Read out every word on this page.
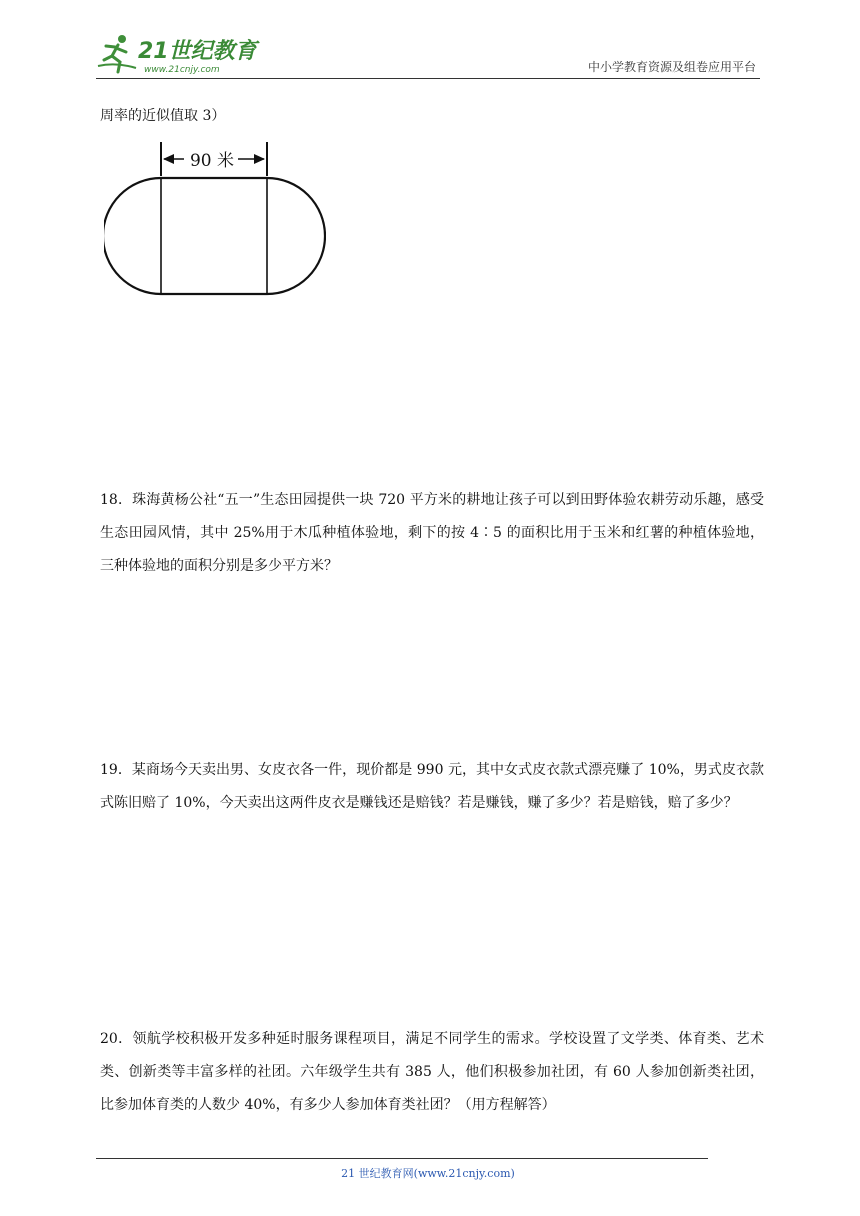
21世纪教育
www.21cnjy.com	中小学教育资源及组卷应用平台
周率的近似值取 3）
90 米
18．珠海黄杨公社“五一”生态田园提供一块 720 平方米的耕地让孩子可以到田野体验农耕劳动乐趣，感受生态田园风情，其中 25%用于木瓜种植体验地，剩下的按 4∶5 的面积比用于玉米和红薯的种植体验地，三种体验地的面积分别是多少平方米？
19．某商场今天卖出男、女皮衣各一件，现价都是 990 元，其中女式皮衣款式漂亮赚了 10%，男式皮衣款式陈旧赔了 10%，今天卖出这两件皮衣是赚钱还是赔钱？若是赚钱，赚了多少？若是赔钱，赔了多少？
20．领航学校积极开发多种延时服务课程项目，满足不同学生的需求。学校设置了文学类、体育类、艺术类、创新类等丰富多样的社团。六年级学生共有 385 人，他们积极参加社团，有 60 人参加创新类社团，比参加体育类的人数少 40%，有多少人参加体育类社团？（用方程解答）
21 世纪教育网(www.21cnjy.com)
